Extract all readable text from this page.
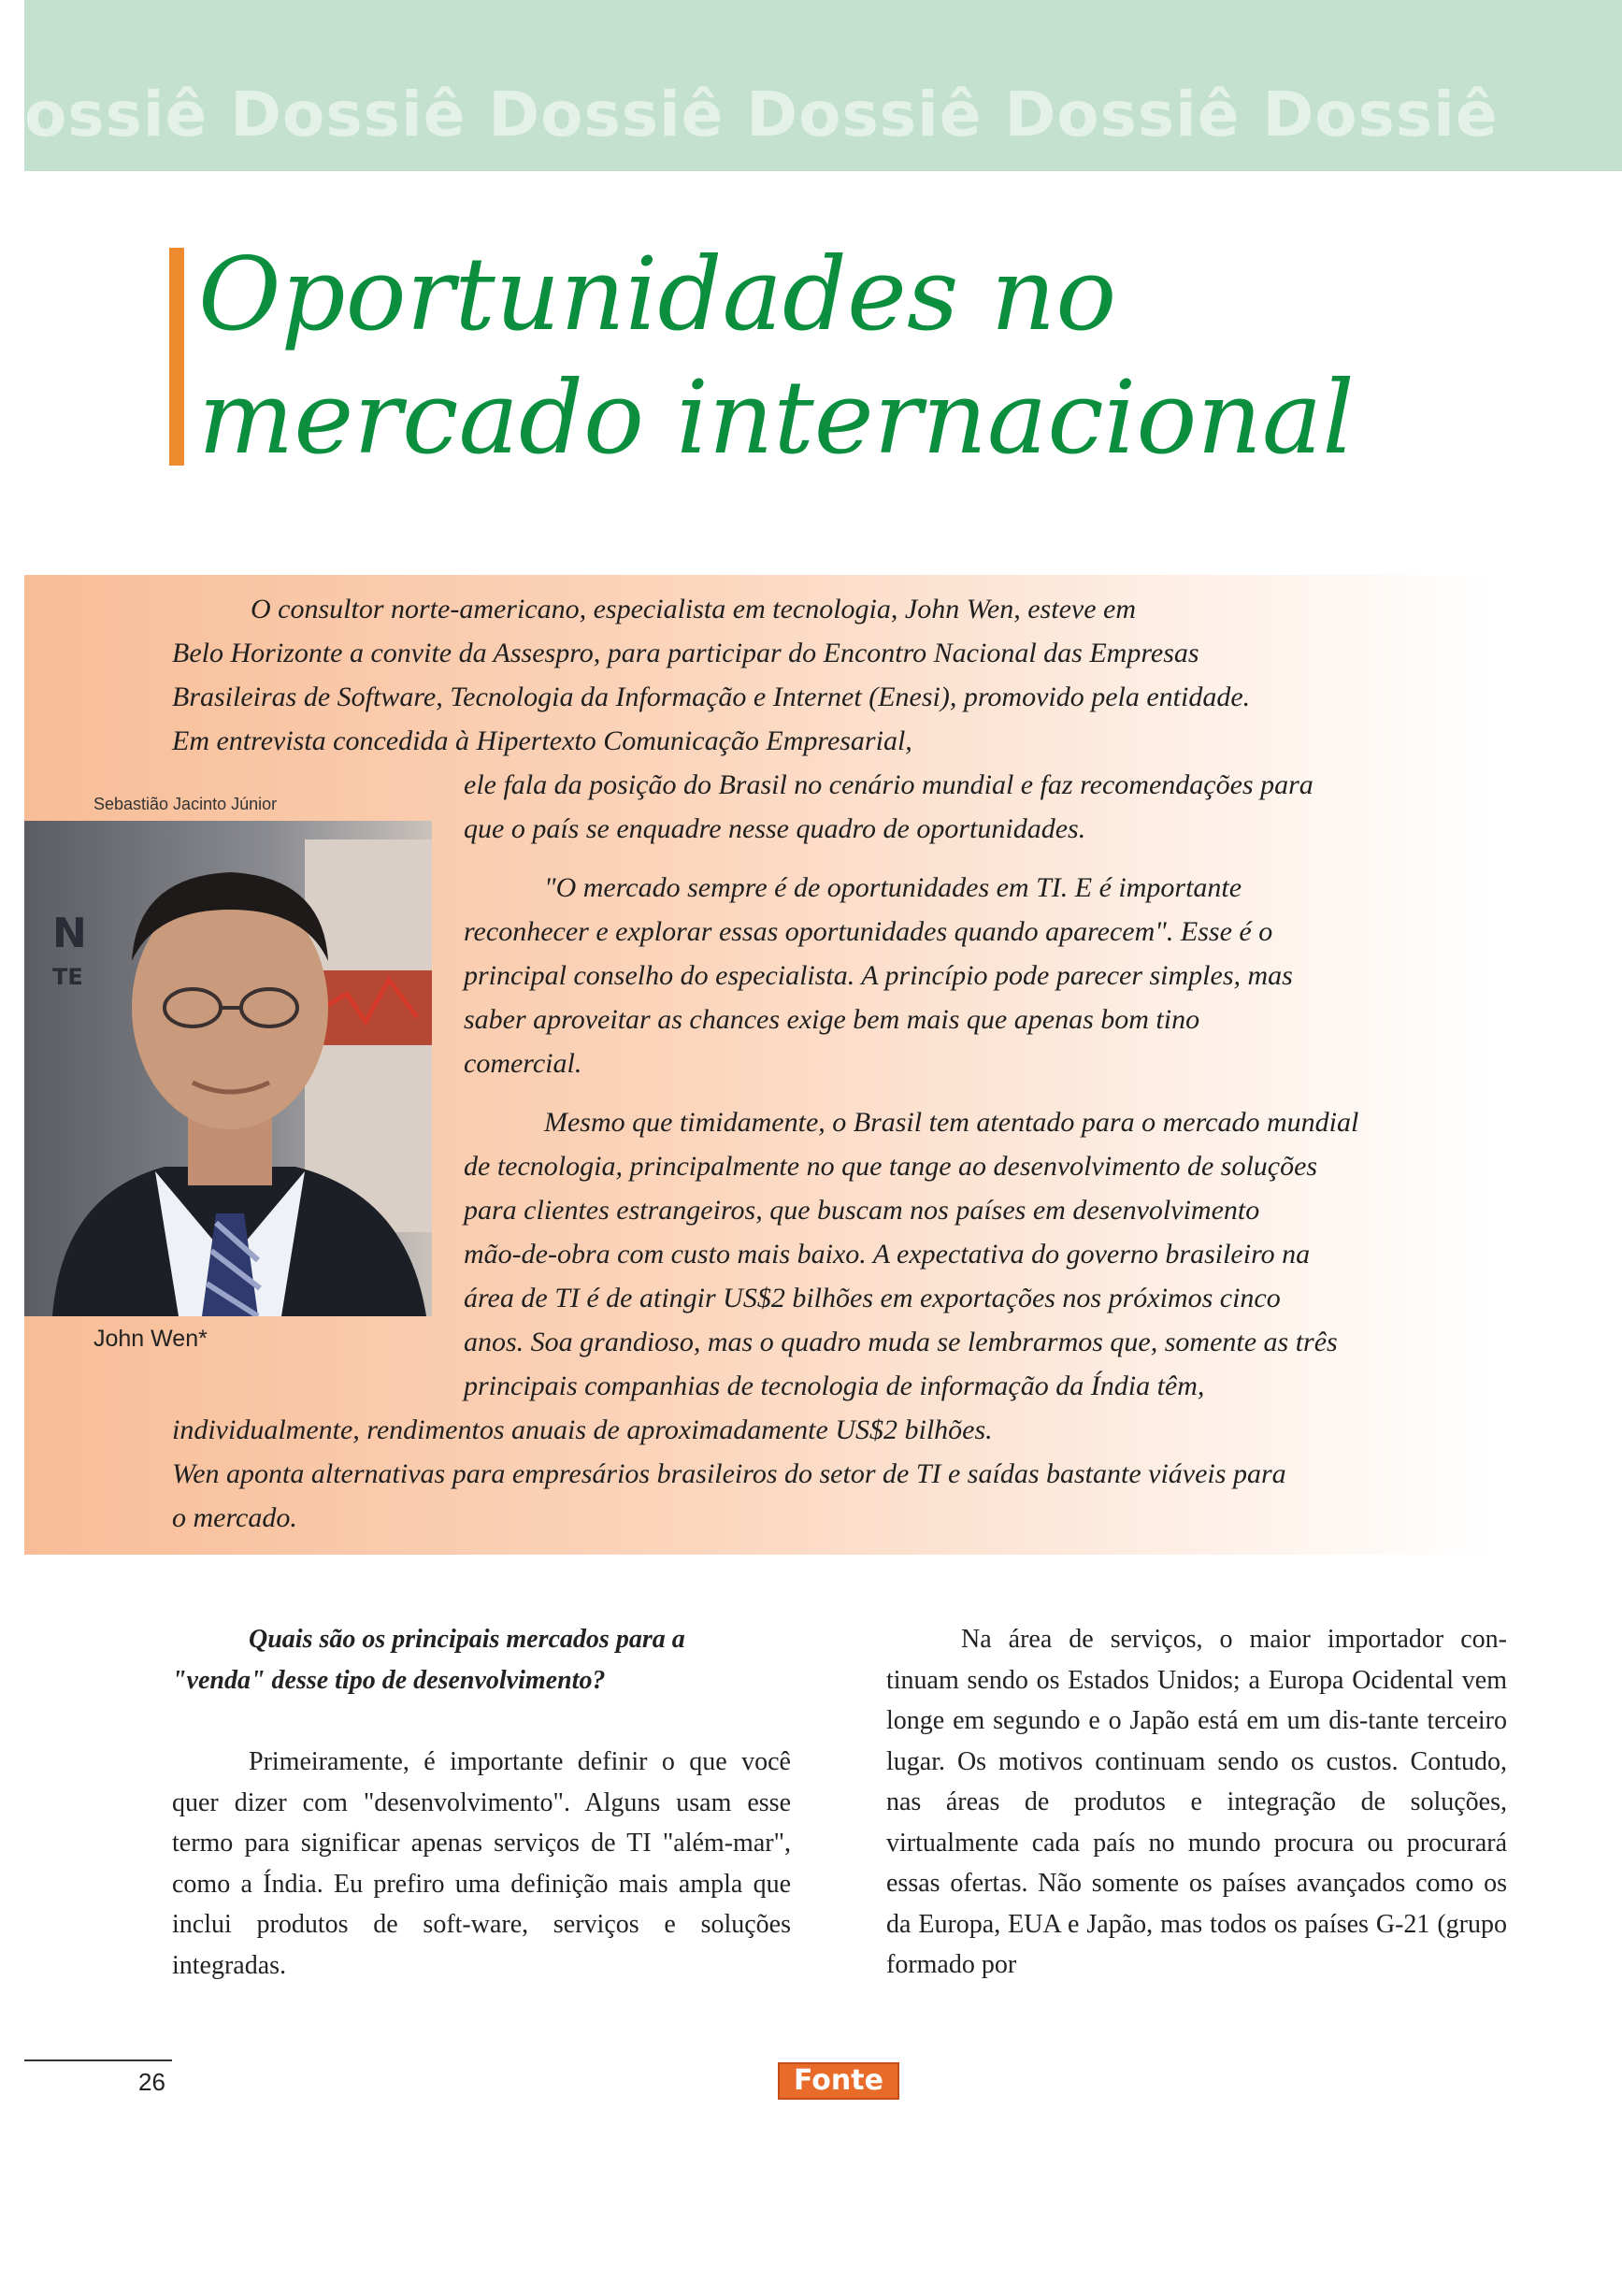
ossiê Dossiê Dossiê Dossiê Dossiê Dossiê
Oportunidades no
mercado internacional

O consultor norte-americano, especialista em tecnologia, John Wen, esteve em

Belo Horizonte a convite da Assespro, para participar do Encontro Nacional das Empresas

Brasileiras de Software, Tecnologia da Informação e Internet (Enesi), promovido pela entidade.

Em entrevista concedida à Hipertexto Comunicação Empresarial,

ele fala da posição do Brasil no cenário mundial e faz recomendações para

que o país se enquadre nesse quadro de oportunidades.

"O mercado sempre é de oportunidades em TI. E é importante

reconhecer e explorar essas oportunidades quando aparecem". Esse é o

principal conselho do especialista. A princípio pode parecer simples, mas

saber aproveitar as chances exige bem mais que apenas bom tino

comercial.

Mesmo que timidamente, o Brasil tem atentado para o mercado mundial

de tecnologia, principalmente no que tange ao desenvolvimento de soluções

para clientes estrangeiros, que buscam nos países em desenvolvimento

mão-de-obra com custo mais baixo. A expectativa do governo brasileiro na

área de TI é de atingir US$2 bilhões em exportações nos próximos cinco

anos. Soa grandioso, mas o quadro muda se lembrarmos que, somente as três

principais companhias de tecnologia de informação da Índia têm,

individualmente, rendimentos anuais de aproximadamente US$2 bilhões.

Wen aponta alternativas para empresários brasileiros do setor de TI e saídas bastante viáveis para

o mercado.

Sebastião Jacinto Júnior
N
TE
John Wen*

Quais são os principais mercados para a

"venda" desse tipo de desenvolvimento?

Primeiramente, é importante definir o que você quer dizer com "desenvolvimento". Alguns usam esse termo para significar apenas serviços de TI "além-mar", como a Índia. Eu prefiro uma definição mais ampla que inclui produtos de soft-ware, serviços e soluções integradas.

Na área de serviços, o maior importador con-tinuam sendo os Estados Unidos; a Europa Ocidental vem longe em segundo e o Japão está em um dis-tante terceiro lugar. Os motivos continuam sendo os custos. Contudo, nas áreas de produtos e integração de soluções, virtualmente cada país no mundo procura ou procurará essas ofertas. Não somente os países avançados como os da Europa, EUA e Japão, mas todos os países G-21 (grupo formado por

26	Fonte
